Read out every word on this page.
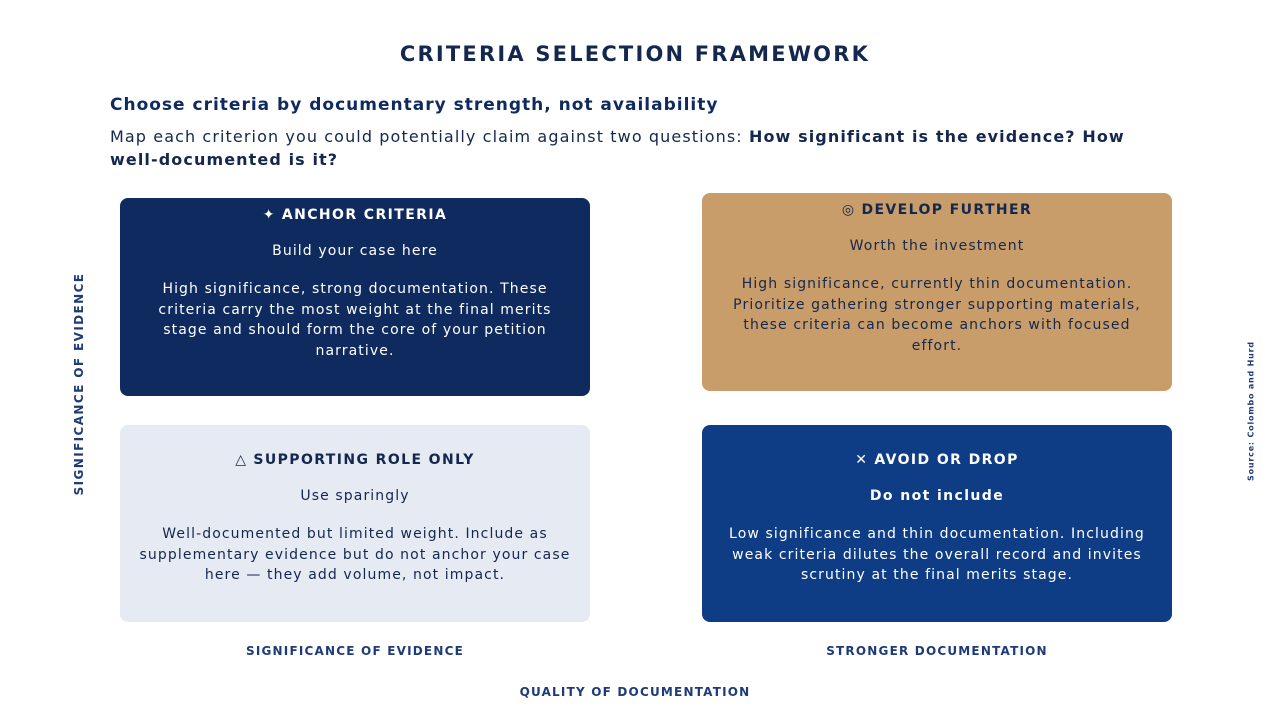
CRITERIA SELECTION FRAMEWORK
Choose criteria by documentary strength, not availability
Map each criterion you could potentially claim against two questions: How significant is the evidence? How well-documented is it?
SIGNIFICANCE OF EVIDENCE
✦ ANCHOR CRITERIA
Build your case here
High significance, strong documentation. These criteria carry the most weight at the final merits stage and should form the core of your petition narrative.
◎ DEVELOP FURTHER
Worth the investment
High significance, currently thin documentation. Prioritize gathering stronger supporting materials, these criteria can become anchors with focused effort.
△ SUPPORTING ROLE ONLY
Use sparingly
Well-documented but limited weight. Include as supplementary evidence but do not anchor your case here — they add volume, not impact.
✕ AVOID OR DROP
Do not include
Low significance and thin documentation. Including weak criteria dilutes the overall record and invites scrutiny at the final merits stage.
SIGNIFICANCE OF EVIDENCE	STRONGER DOCUMENTATION
QUALITY OF DOCUMENTATION
Source: Colombo and Hurd
